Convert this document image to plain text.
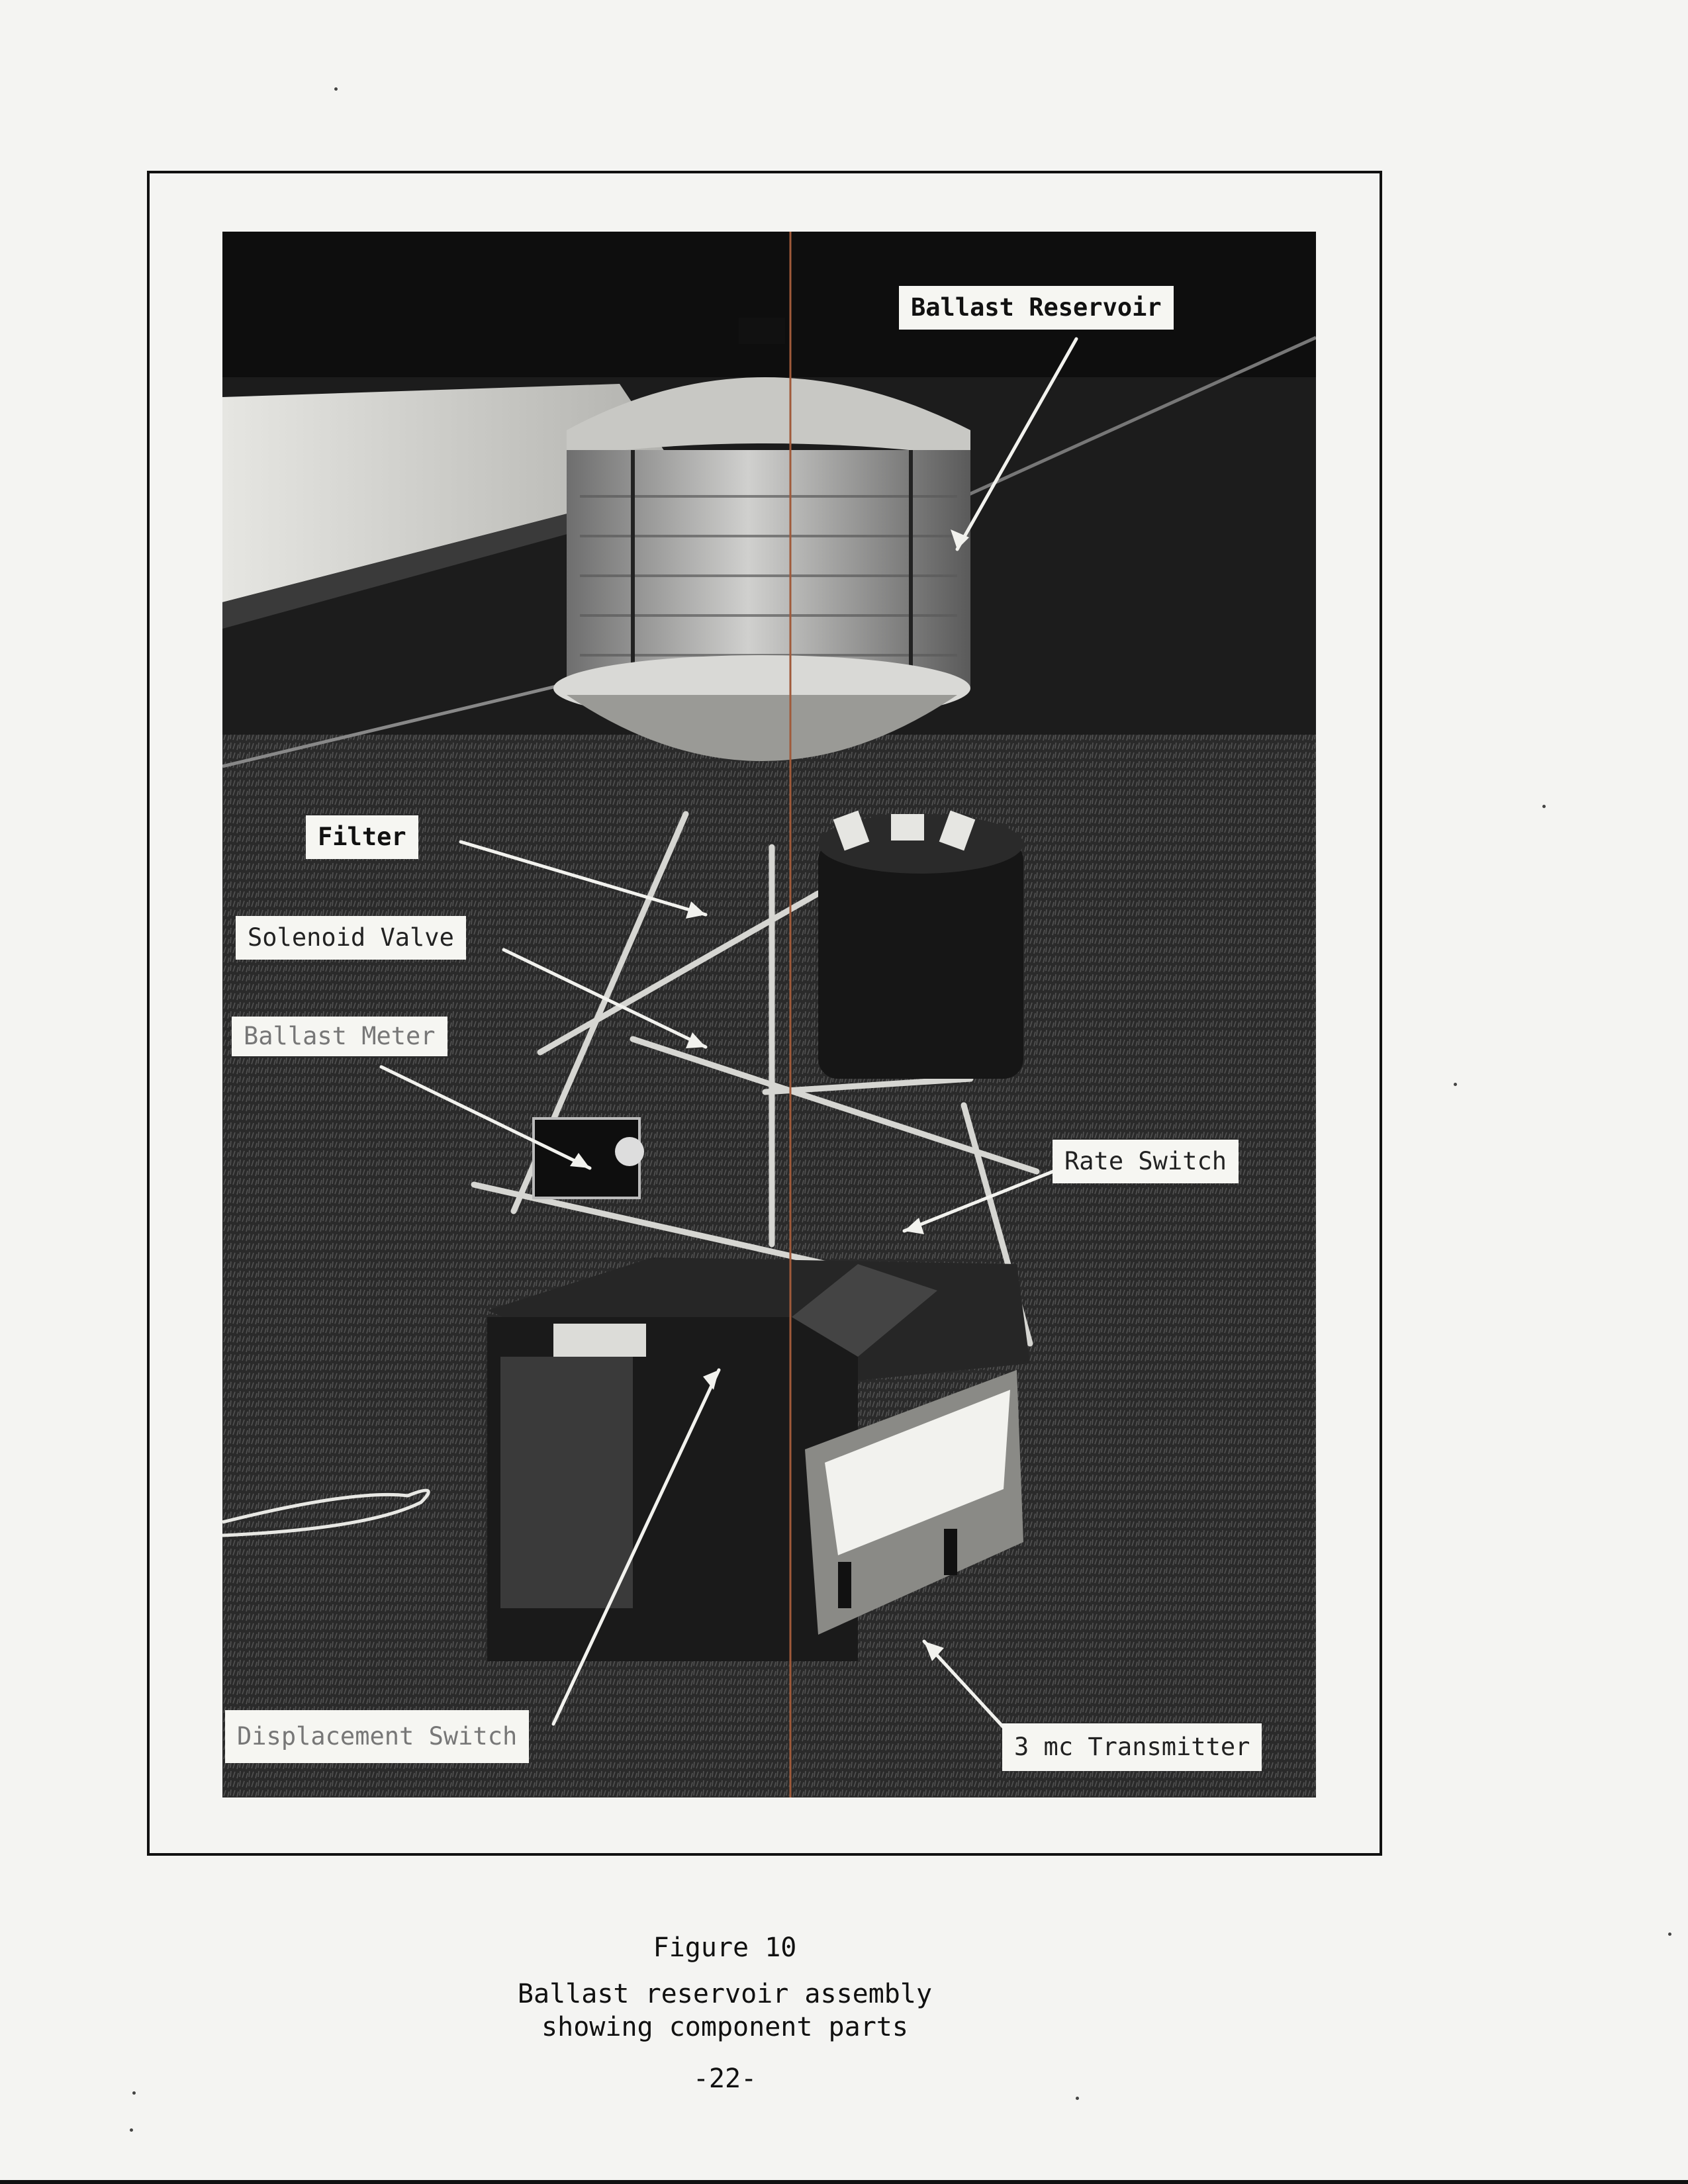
Ballast Reservoir
Filter
Solenoid Valve
Ballast Meter
Rate Switch
Displacement Switch	3 mc Transmitter
Figure 10
Ballast reservoir assembly
showing component parts
-22-
